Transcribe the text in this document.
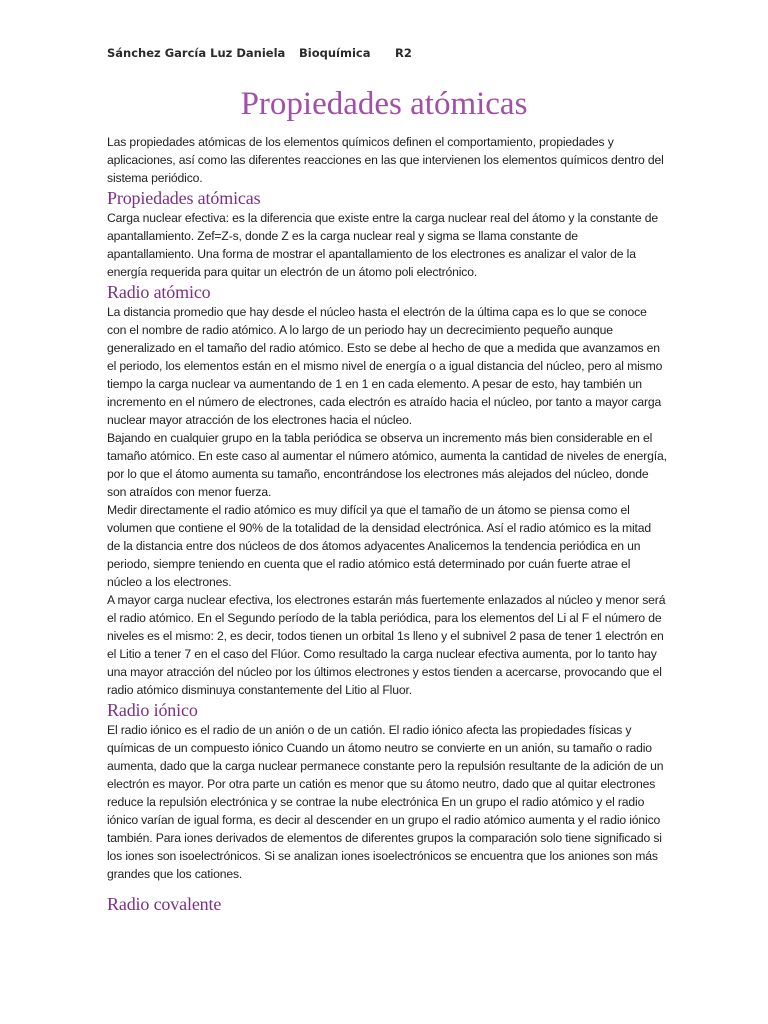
Sánchez García Luz Daniela Bioquímica R2
Propiedades atómicas

Las propiedades atómicas de los elementos químicos definen el comportamiento, propiedades y aplicaciones, así como las diferentes reacciones en las que intervienen los elementos químicos dentro del sistema periódico.

Propiedades atómicas

Carga nuclear efectiva: es la diferencia que existe entre la carga nuclear real del átomo y la constante de apantallamiento. Zef=Z-s, donde Z es la carga nuclear real y sigma se llama constante de apantallamiento. Una forma de mostrar el apantallamiento de los electrones es analizar el valor de la energía requerida para quitar un electrón de un átomo poli electrónico.

Radio atómico

La distancia promedio que hay desde el núcleo hasta el electrón de la última capa es lo que se conoce con el nombre de radio atómico. A lo largo de un periodo hay un decrecimiento pequeño aunque generalizado en el tamaño del radio atómico. Esto se debe al hecho de que a medida que avanzamos en el periodo, los elementos están en el mismo nivel de energía o a igual distancia del núcleo, pero al mismo tiempo la carga nuclear va aumentando de 1 en 1 en cada elemento. A pesar de esto, hay también un incremento en el número de electrones, cada electrón es atraído hacia el núcleo, por tanto a mayor carga nuclear mayor atracción de los electrones hacia el núcleo.

Bajando en cualquier grupo en la tabla periódica se observa un incremento más bien considerable en el tamaño atómico. En este caso al aumentar el número atómico, aumenta la cantidad de niveles de energía, por lo que el átomo aumenta su tamaño, encontrándose los electrones más alejados del núcleo, donde son atraídos con menor fuerza.

Medir directamente el radio atómico es muy difícil ya que el tamaño de un átomo se piensa como el volumen que contiene el 90% de la totalidad de la densidad electrónica. Así el radio atómico es la mitad de la distancia entre dos núcleos de dos átomos adyacentes Analicemos la tendencia periódica en un periodo, siempre teniendo en cuenta que el radio atómico está determinado por cuán fuerte atrae el núcleo a los electrones.

A mayor carga nuclear efectiva, los electrones estarán más fuertemente enlazados al núcleo y menor será el radio atómico. En el Segundo período de la tabla periódica, para los elementos del Li al F el número de niveles es el mismo: 2, es decir, todos tienen un orbital 1s lleno y el subnivel 2 pasa de tener 1 electrón en el Litio a tener 7 en el caso del Flúor. Como resultado la carga nuclear efectiva aumenta, por lo tanto hay una mayor atracción del núcleo por los últimos electrones y estos tienden a acercarse, provocando que el radio atómico disminuya constantemente del Litio al Fluor.

Radio iónico

El radio iónico es el radio de un anión o de un catión. El radio iónico afecta las propiedades físicas y químicas de un compuesto iónico Cuando un átomo neutro se convierte en un anión, su tamaño o radio aumenta, dado que la carga nuclear permanece constante pero la repulsión resultante de la adición de un electrón es mayor. Por otra parte un catión es menor que su átomo neutro, dado que al quitar electrones reduce la repulsión electrónica y se contrae la nube electrónica En un grupo el radio atómico y el radio iónico varían de igual forma, es decir al descender en un grupo el radio atómico aumenta y el radio iónico también. Para iones derivados de elementos de diferentes grupos la comparación solo tiene significado si los iones son isoelectrónicos. Si se analizan iones isoelectrónicos se encuentra que los aniones son más grandes que los cationes.

Radio covalente
